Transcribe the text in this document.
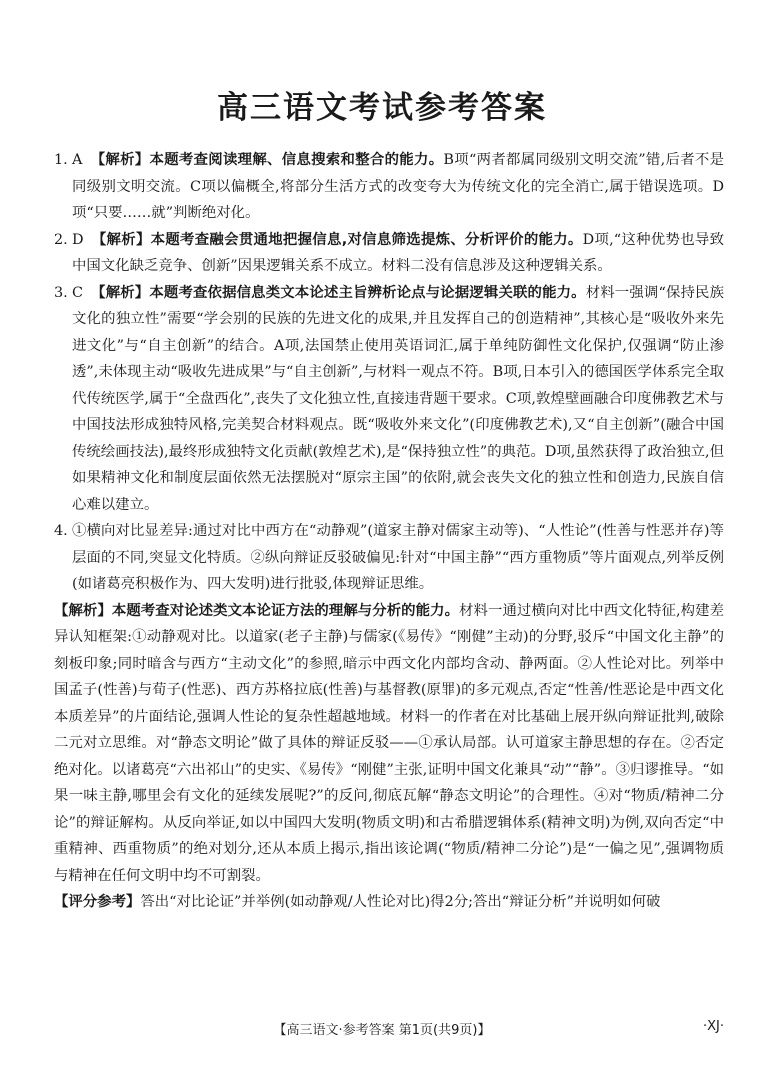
高三语文考试参考答案
1. A 【解析】本题考查阅读理解、信息搜索和整合的能力。B项“两者都属同级别文明交流”错,后者不是同级别文明交流。C项以偏概全,将部分生活方式的改变夸大为传统文化的完全消亡,属于错误选项。D项“只要……就”判断绝对化。
2. D 【解析】本题考查融会贯通地把握信息,对信息筛选提炼、分析评价的能力。D项,“这种优势也导致中国文化缺乏竞争、创新”因果逻辑关系不成立。材料二没有信息涉及这种逻辑关系。
3. C 【解析】本题考查依据信息类文本论述主旨辨析论点与论据逻辑关联的能力。材料一强调“保持民族文化的独立性”需要“学会别的民族的先进文化的成果,并且发挥自己的创造精神”,其核心是“吸收外来先进文化”与“自主创新”的结合。A项,法国禁止使用英语词汇,属于单纯防御性文化保护,仅强调“防止渗透”,未体现主动“吸收先进成果”与“自主创新”,与材料一观点不符。B项,日本引入的德国医学体系完全取代传统医学,属于“全盘西化”,丧失了文化独立性,直接违背题干要求。C项,敦煌壁画融合印度佛教艺术与中国技法形成独特风格,完美契合材料观点。既“吸收外来文化”(印度佛教艺术),又“自主创新”(融合中国传统绘画技法),最终形成独特文化贡献(敦煌艺术),是“保持独立性”的典范。D项,虽然获得了政治独立,但如果精神文化和制度层面依然无法摆脱对“原宗主国”的依附,就会丧失文化的独立性和创造力,民族自信心难以建立。
4. ①横向对比显差异:通过对比中西方在“动静观”(道家主静对儒家主动等)、“人性论”(性善与性恶并存)等层面的不同,突显文化特质。②纵向辩证反驳破偏见:针对“中国主静”“西方重物质”等片面观点,列举反例(如诸葛亮积极作为、四大发明)进行批驳,体现辩证思维。

【解析】本题考查对论述类文本论证方法的理解与分析的能力。材料一通过横向对比中西文化特征,构建差异认知框架:①动静观对比。以道家(老子主静)与儒家(《易传》“刚健”主动)的分野,驳斥“中国文化主静”的刻板印象;同时暗含与西方“主动文化”的参照,暗示中西文化内部均含动、静两面。②人性论对比。列举中国孟子(性善)与荀子(性恶)、西方苏格拉底(性善)与基督教(原罪)的多元观点,否定“性善/性恶论是中西文化本质差异”的片面结论,强调人性论的复杂性超越地域。材料一的作者在对比基础上展开纵向辩证批判,破除二元对立思维。对“静态文明论”做了具体的辩证反驳——①承认局部。认可道家主静思想的存在。②否定绝对化。以诸葛亮“六出祁山”的史实、《易传》“刚健”主张,证明中国文化兼具“动”“静”。③归谬推导。“如果一味主静,哪里会有文化的延续发展呢?”的反问,彻底瓦解“静态文明论”的合理性。④对“物质/精神二分论”的辩证解构。从反向举证,如以中国四大发明(物质文明)和古希腊逻辑体系(精神文明)为例,双向否定“中重精神、西重物质”的绝对划分,还从本质上揭示,指出该论调(“物质/精神二分论”)是“一偏之见”,强调物质与精神在任何文明中均不可割裂。

【评分参考】答出“对比论证”并举例(如动静观/人性论对比)得2分;答出“辩证分析”并说明如何破

【高三语文·参考答案 第1页(共9页)】	·XJ·
